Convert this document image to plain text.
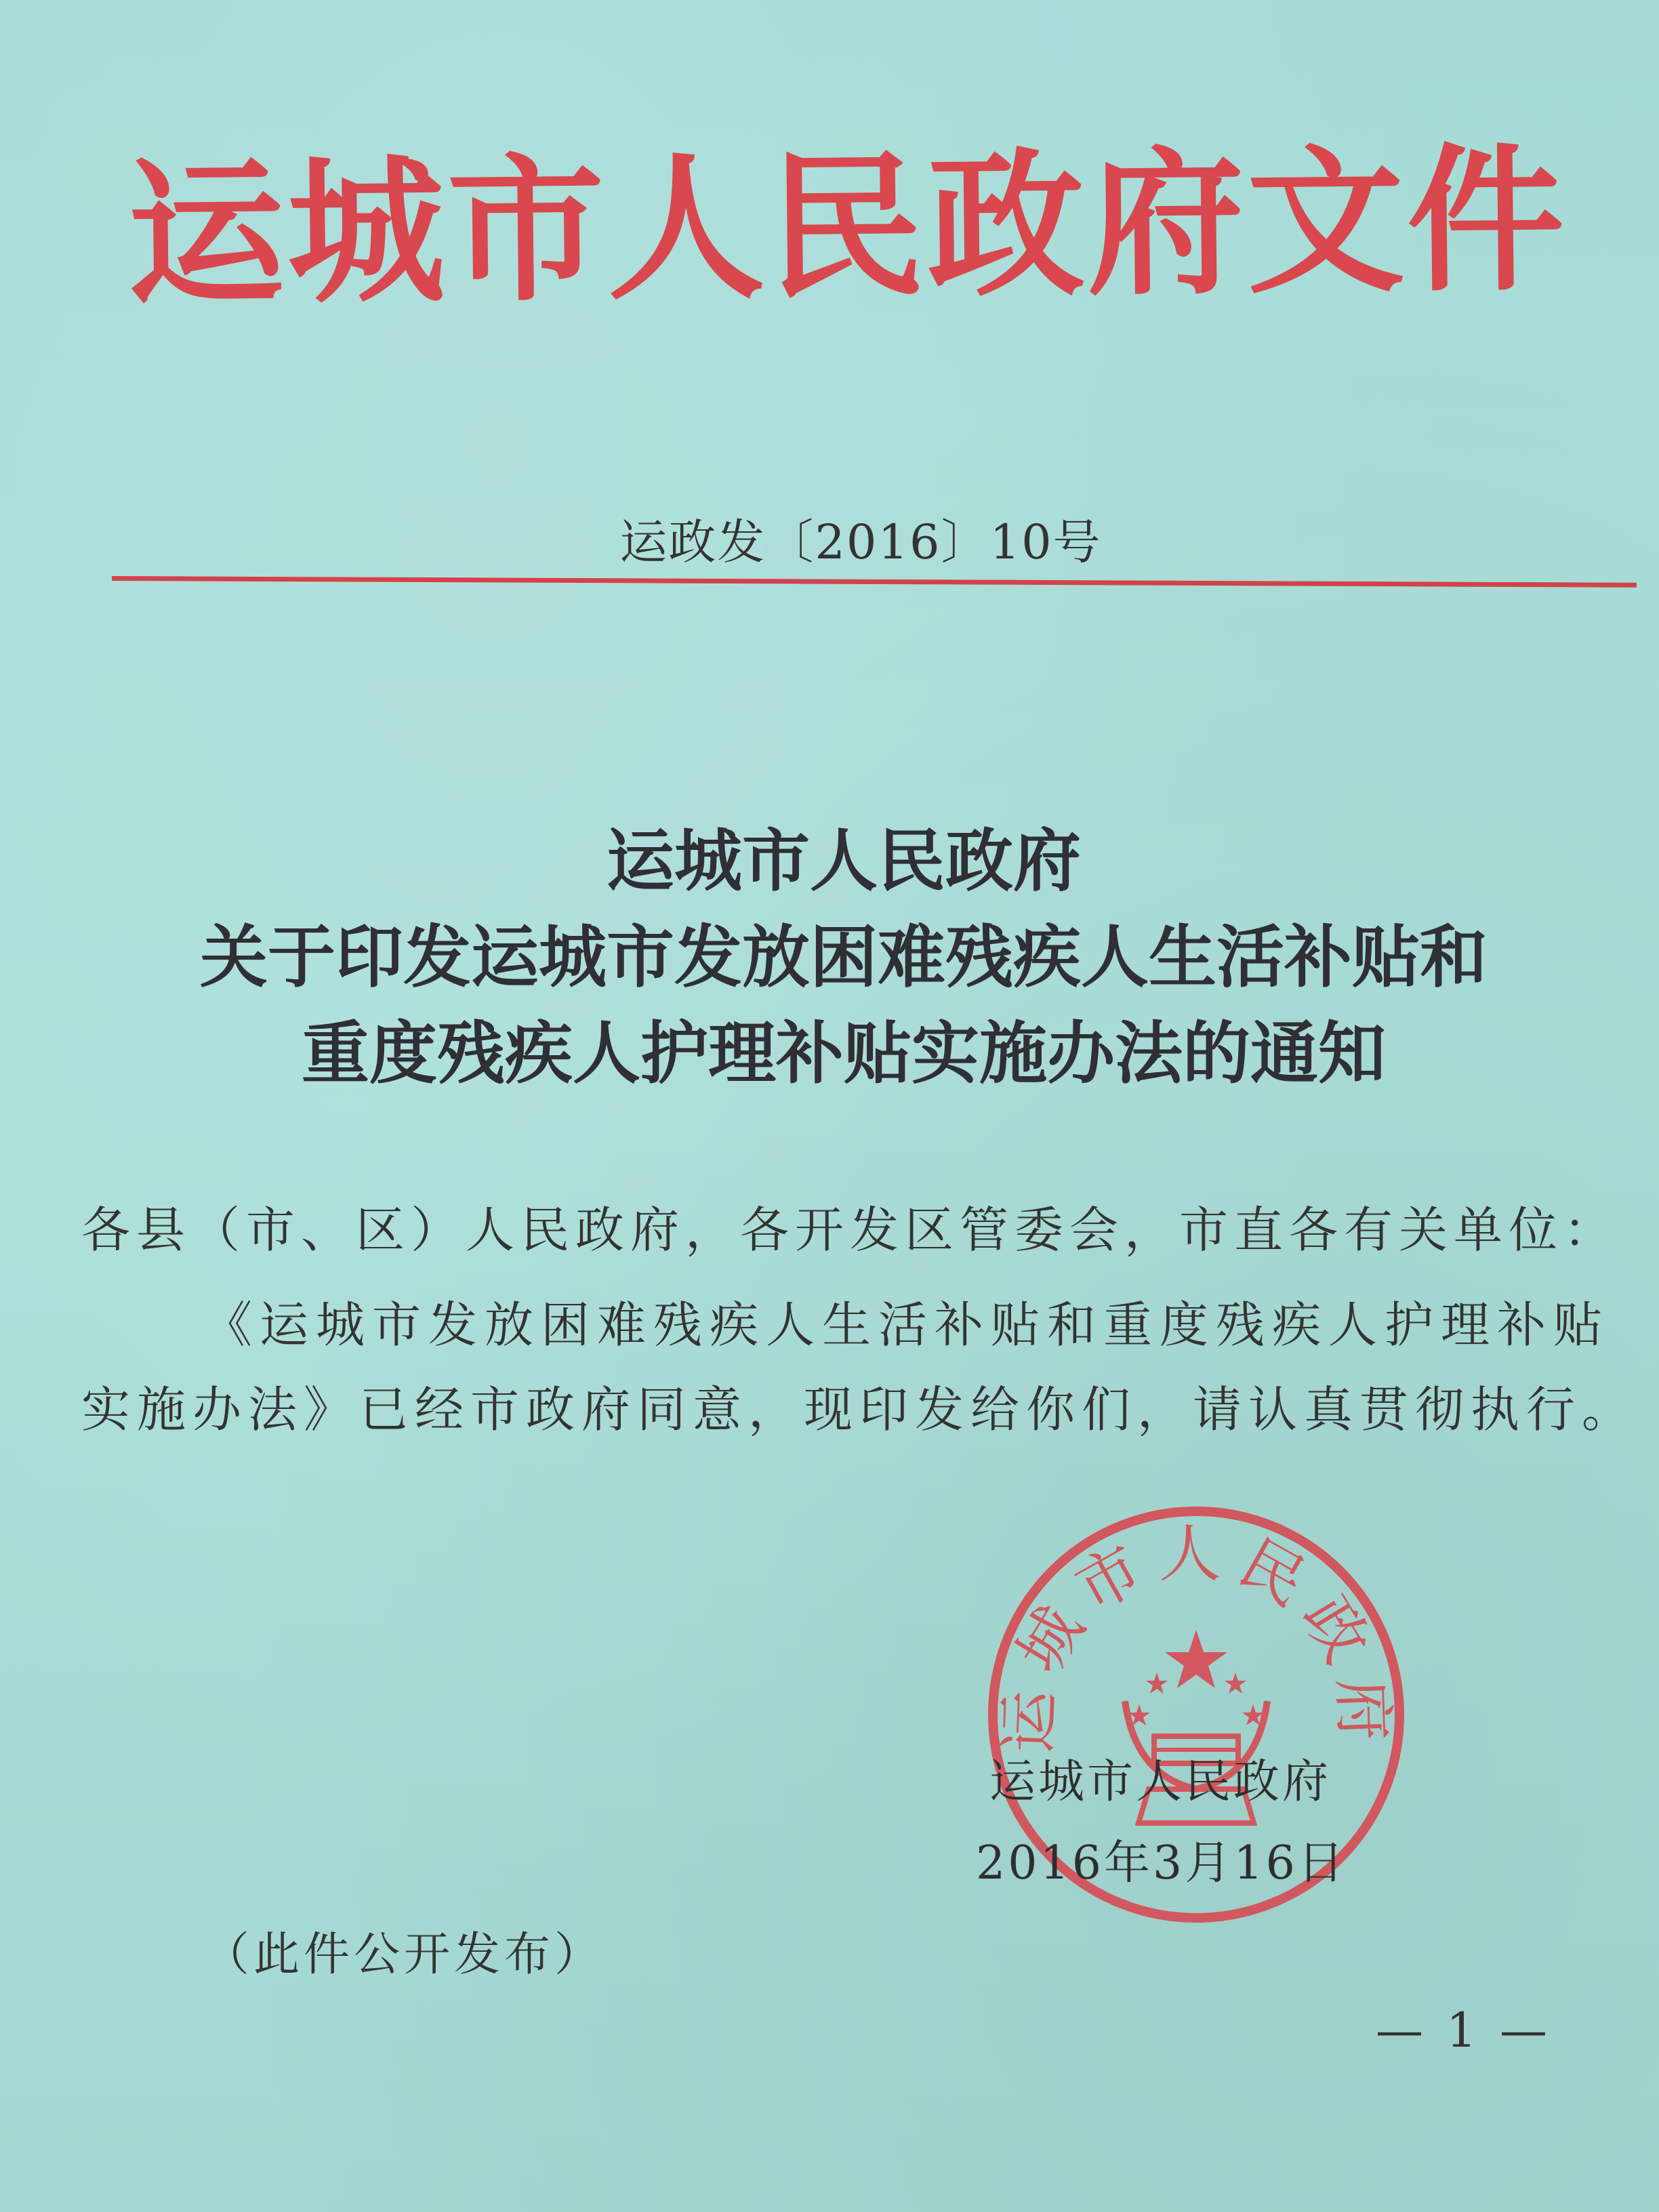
运城市人民政府文件
运政发〔2016〕10号
运城市人民政府
关于印发运城市发放困难残疾人生活补贴和
重度残疾人护理补贴实施办法的通知
各县（市、区）人民政府，各开发区管委会，市直各有关单位：
《运城市发放困难残疾人生活补贴和重度残疾人护理补贴
实施办法》已经市政府同意，现印发给你们，请认真贯彻执行。
运城市人民政府
运城市人民政府
2016年3月16日
（此件公开发布）
— 1 —
